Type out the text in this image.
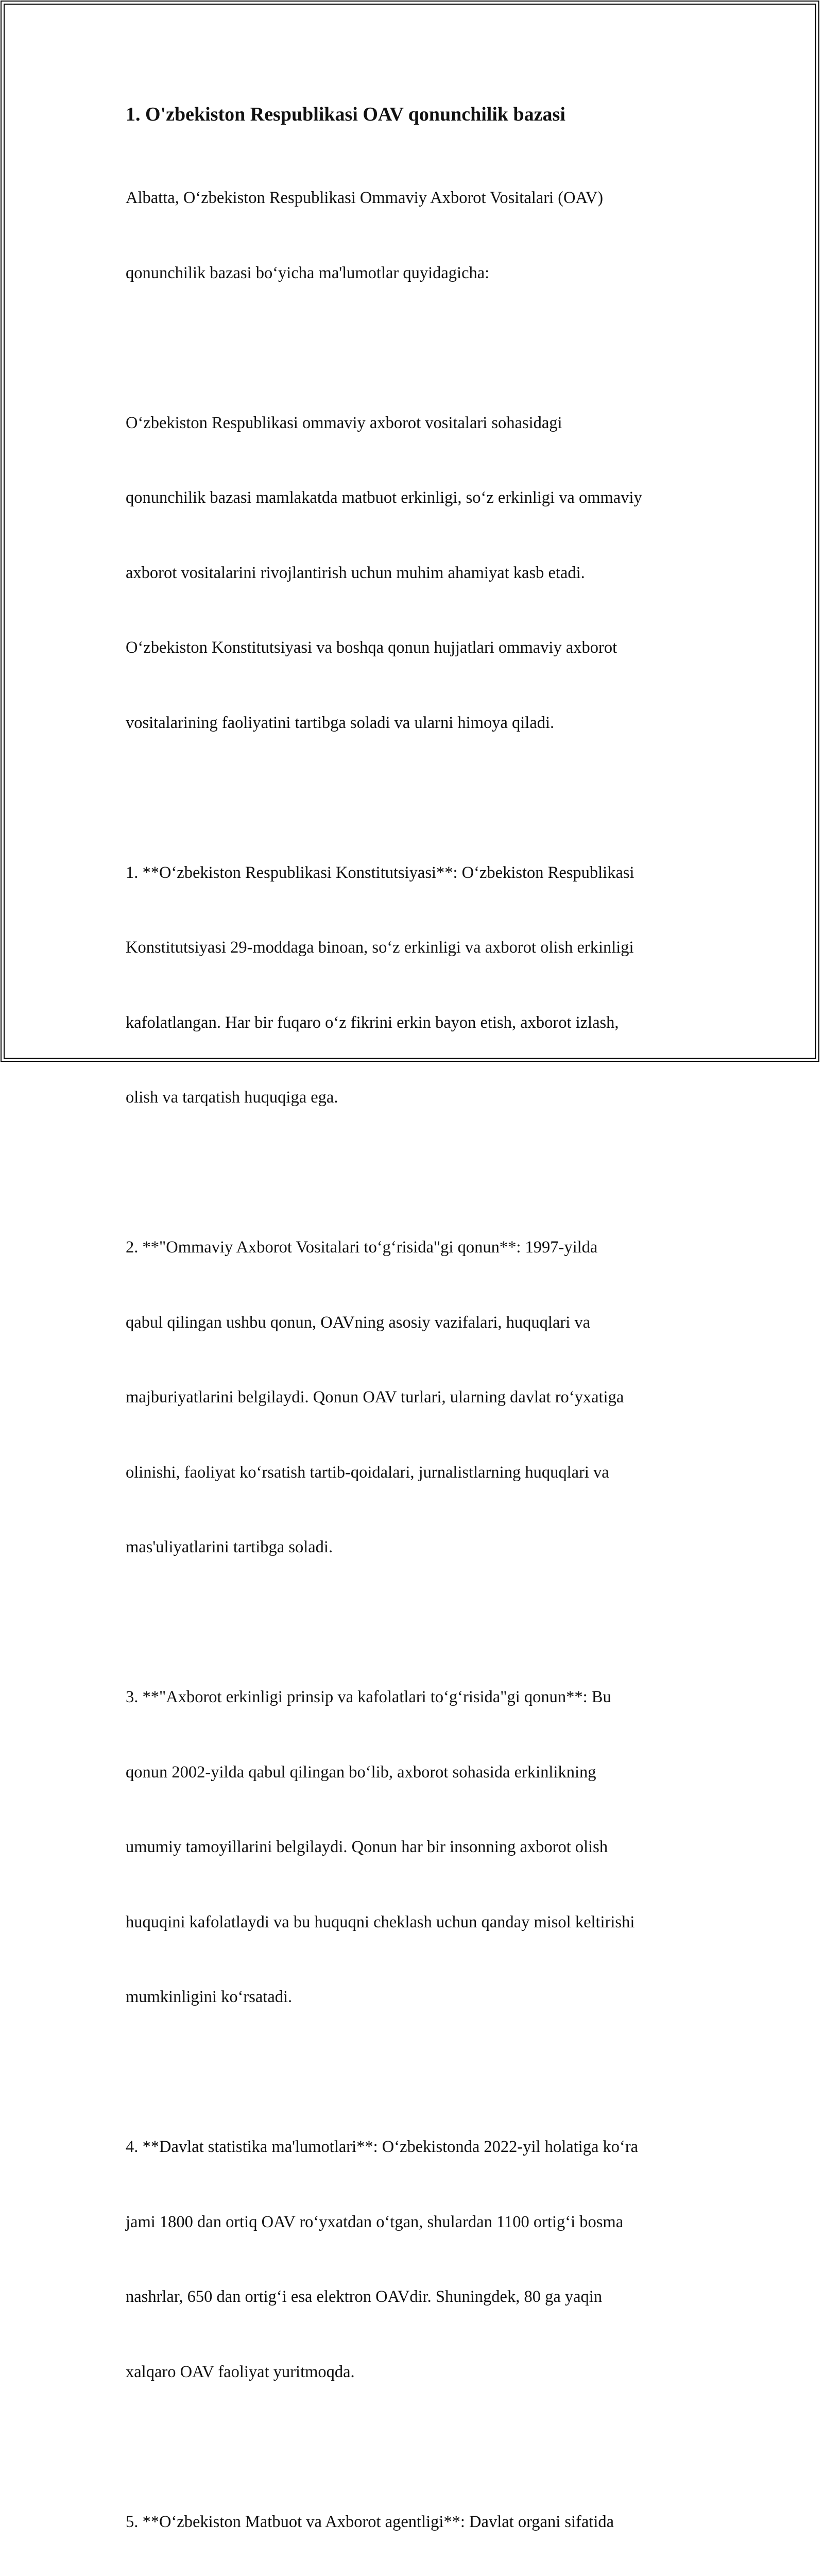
1. O'zbekiston Respublikasi OAV qonunchilik bazasi

Albatta, O‘zbekiston Respublikasi Ommaviy Axborot Vositalari (OAV)

qonunchilik bazasi bo‘yicha ma'lumotlar quyidagicha:

O‘zbekiston Respublikasi ommaviy axborot vositalari sohasidagi

qonunchilik bazasi mamlakatda matbuot erkinligi, so‘z erkinligi va ommaviy

axborot vositalarini rivojlantirish uchun muhim ahamiyat kasb etadi.

O‘zbekiston Konstitutsiyasi va boshqa qonun hujjatlari ommaviy axborot

vositalarining faoliyatini tartibga soladi va ularni himoya qiladi.

1. **O‘zbekiston Respublikasi Konstitutsiyasi**: O‘zbekiston Respublikasi

Konstitutsiyasi 29-moddaga binoan, so‘z erkinligi va axborot olish erkinligi

kafolatlangan. Har bir fuqaro o‘z fikrini erkin bayon etish, axborot izlash,

olish va tarqatish huquqiga ega.

2. **"Ommaviy Axborot Vositalari to‘g‘risida"gi qonun**: 1997-yilda

qabul qilingan ushbu qonun, OAVning asosiy vazifalari, huquqlari va

majburiyatlarini belgilaydi. Qonun OAV turlari, ularning davlat ro‘yxatiga

olinishi, faoliyat ko‘rsatish tartib-qoidalari, jurnalistlarning huquqlari va

mas'uliyatlarini tartibga soladi.

3. **"Axborot erkinligi prinsip va kafolatlari to‘g‘risida"gi qonun**: Bu

qonun 2002-yilda qabul qilingan bo‘lib, axborot sohasida erkinlikning

umumiy tamoyillarini belgilaydi. Qonun har bir insonning axborot olish

huquqini kafolatlaydi va bu huquqni cheklash uchun qanday misol keltirishi

mumkinligini ko‘rsatadi.

4. **Davlat statistika ma'lumotlari**: O‘zbekistonda 2022-yil holatiga ko‘ra

jami 1800 dan ortiq OAV ro‘yxatdan o‘tgan, shulardan 1100 ortig‘i bosma

nashrlar, 650 dan ortig‘i esa elektron OAVdir. Shuningdek, 80 ga yaqin

xalqaro OAV faoliyat yuritmoqda.

5. **O‘zbekiston Matbuot va Axborot agentligi**: Davlat organi sifatida
